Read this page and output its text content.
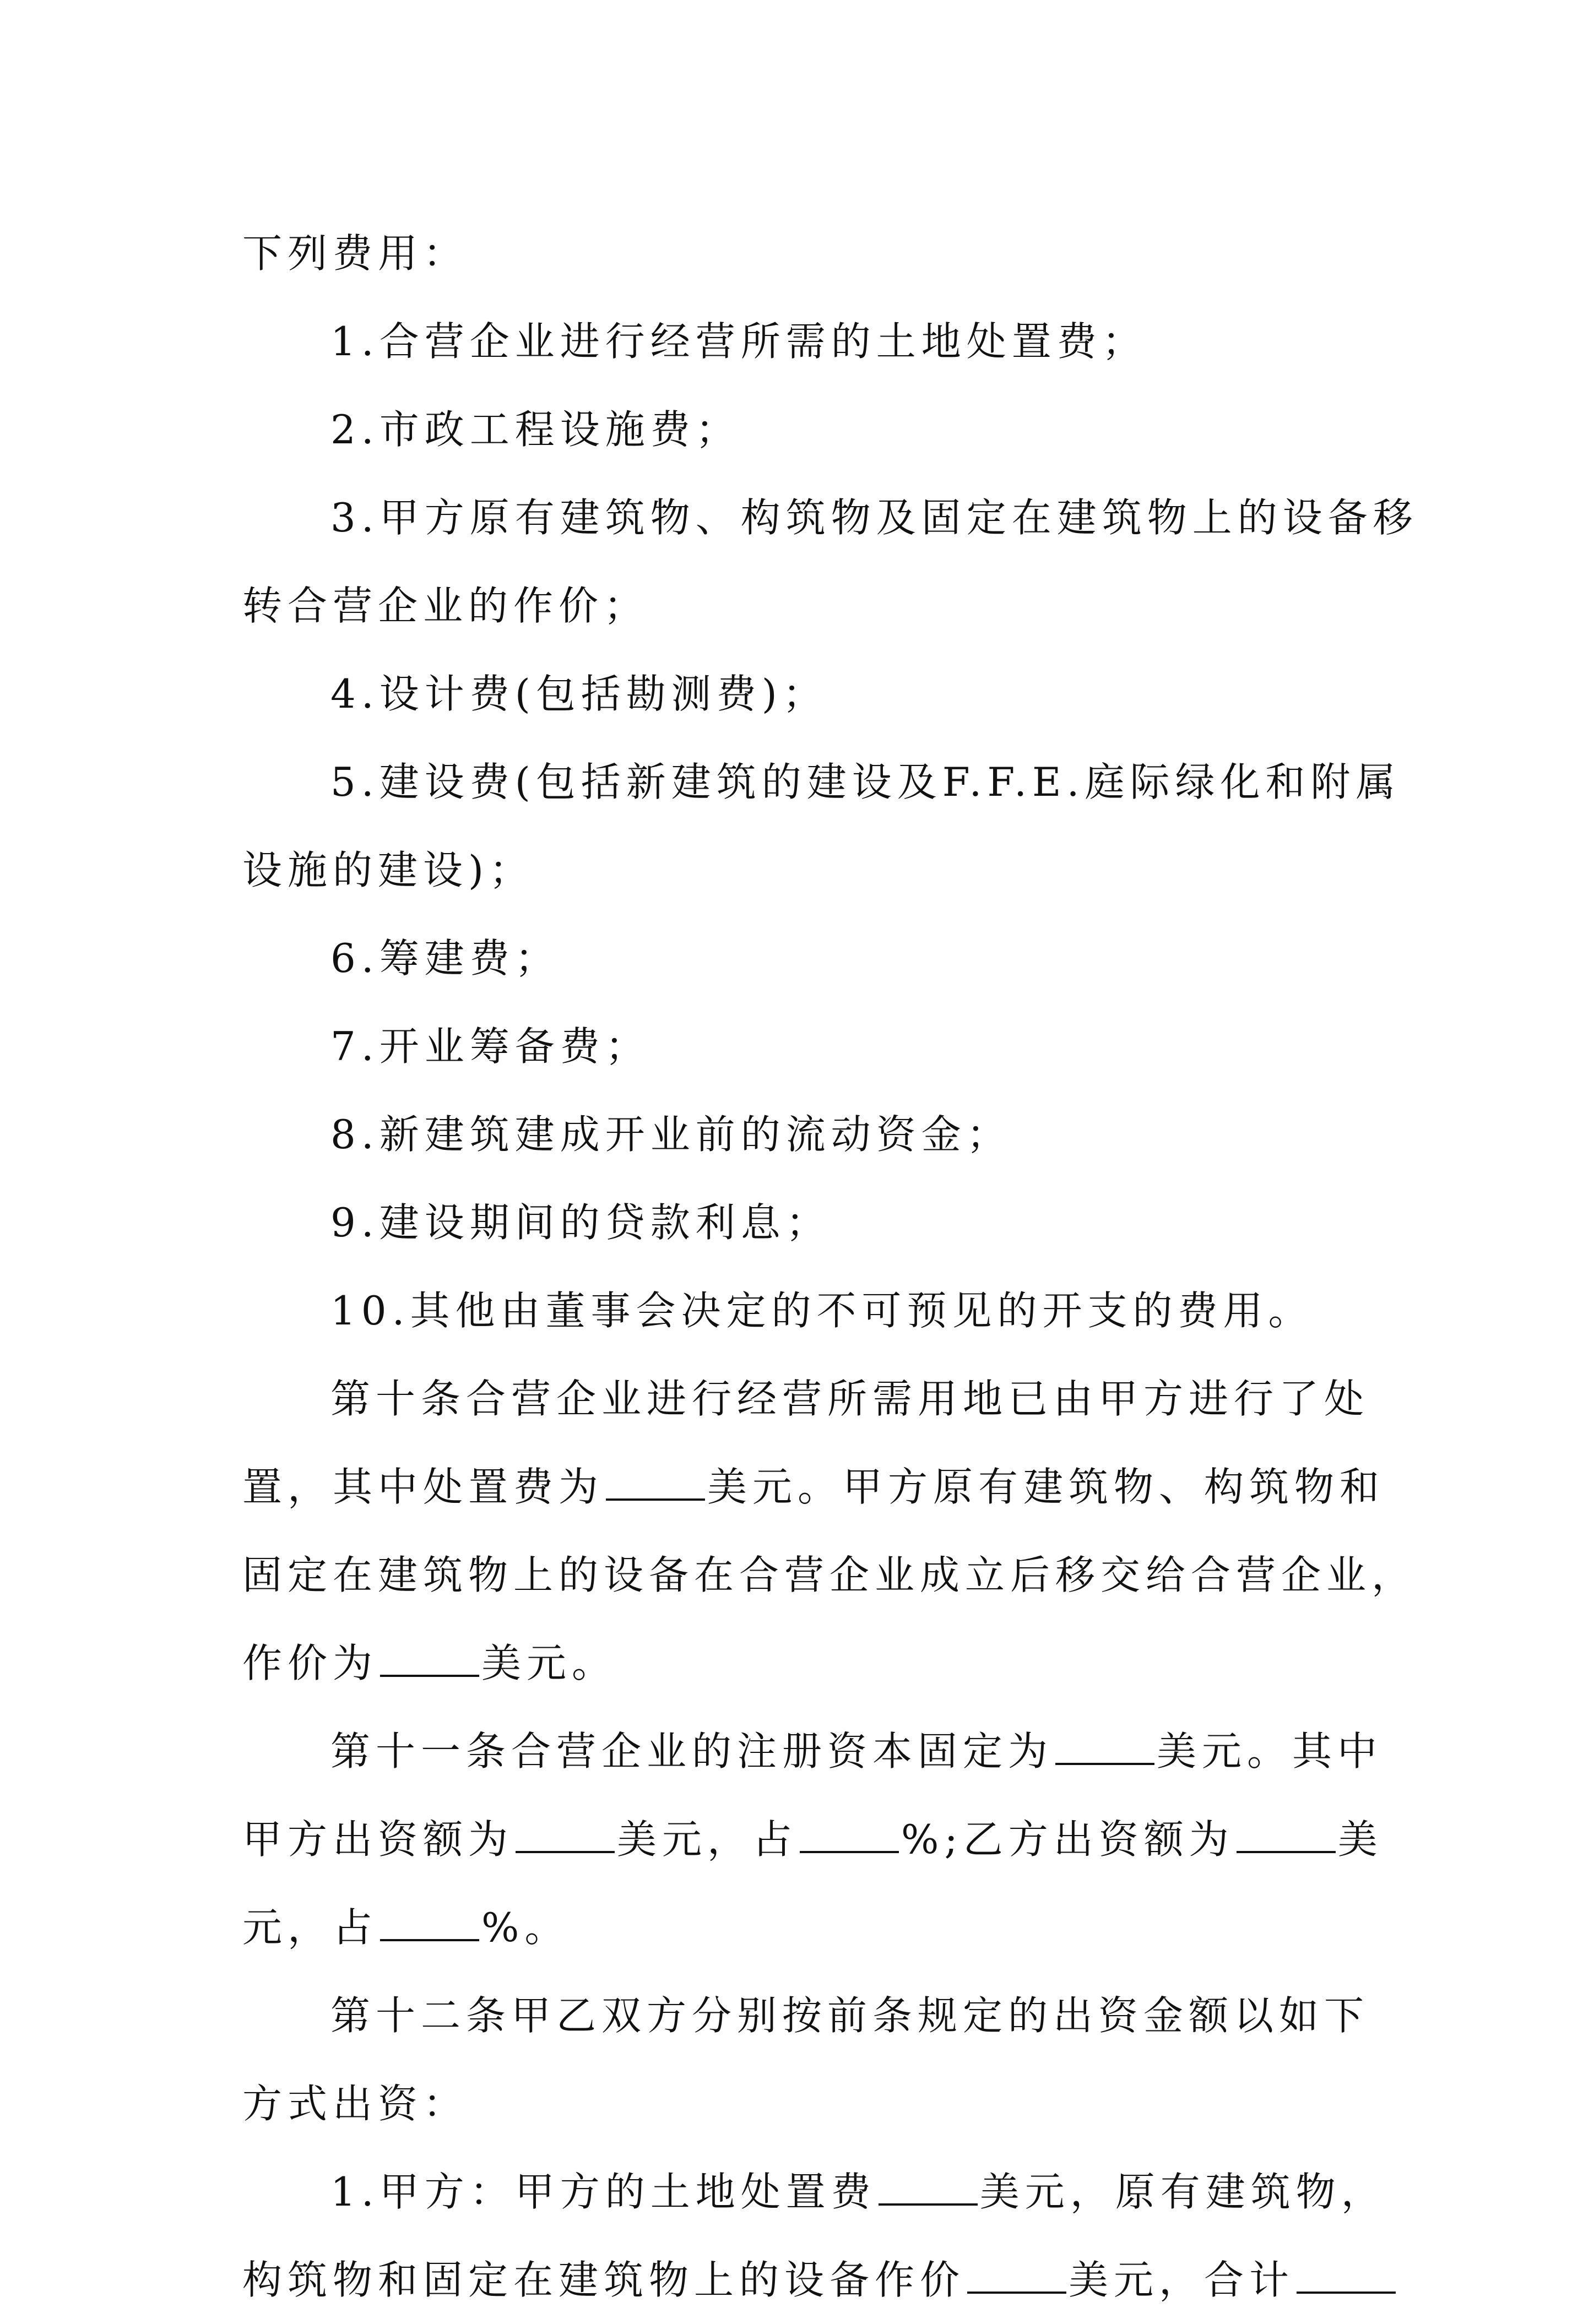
下列费用：
1.合营企业进行经营所需的土地处置费；
2.市政工程设施费；
3.甲方原有建筑物、构筑物及固定在建筑物上的设备移
转合营企业的作价；
4.设计费(包括勘测费)；
5.建设费(包括新建筑的建设及F.F.E.庭际绿化和附属
设施的建设)；
6.筹建费；
7.开业筹备费；
8.新建筑建成开业前的流动资金；
9.建设期间的贷款利息；
10.其他由董事会决定的不可预见的开支的费用。
第十条合营企业进行经营所需用地已由甲方进行了处
置，其中处置费为	美元。甲方原有建筑物、构筑物和
固定在建筑物上的设备在合营企业成立后移交给合营企业，
作价为	美元。
第十一条合营企业的注册资本固定为	美元。其中
甲方出资额为	美元，占	%;乙方出资额为	美
元，占	%。
第十二条甲乙双方分别按前条规定的出资金额以如下
方式出资：
1.甲方：甲方的土地处置费	美元，原有建筑物，
构筑物和固定在建筑物上的设备作价	美元，合计
